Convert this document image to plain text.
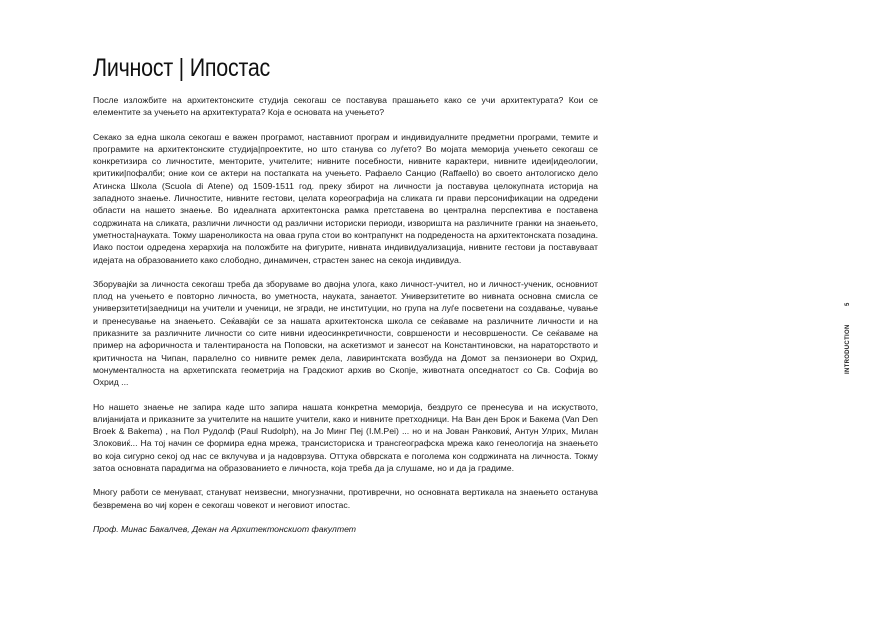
Личност | Ипостас

После изложбите на архитектонските студија секогаш се поставува прашањето како се учи архитектурата? Кои се елементите за учењето на архитектурата? Која е основата на учењето?

Секако за една школа секогаш е важен програмот, наставниот програм и индивидуалните предметни програми, темите и програмите на архитектонските студија|проектите, но што станува со луѓето? Во мојата меморија учењето секогаш се конкретизира со личностите, менторите, учителите; нивните посебности, нивните карактери, нивните идеи|идеологии, критики|пофалби; оние кои се актери на постапката на учењето. Рафаело Санцио (Raffaello) во своето антологиско дело Атинска Школа (Scuola di Atene) од 1509-1511 год. преку збирот на личности ја поставува целокупната историја на западното знаење. Личностите, нивните гестови, целата кореографија на сликата ги прави персонификации на одредени области на нашето знаење. Во идеалната архитектонска рамка претставена во централна перспектива е поставена содржината на сликата, различни личности од различни историски периоди, извориштa на различните гранки на знаењето, уметноста|науката. Токму шареноликоста на оваа група стои во контрапункт на подреденоста на архитектонската позадина. Иако постои одредена херархија на положбите на фигурите, нивната индивидуализација, нивните гестови ја поставуваат идејата на образованието како слободно, динамичен, страстен занес на секоја индивидуа.

Зборувајќи за личноста секогаш треба да зборуваме во двојна улога, како личност-учител, но и личност-ученик, основниот плод на учењето е повторно личноста, во уметноста, науката, занаетот. Универзитетите во нивната основна смисла се универзитети|заедници на учители и ученици, не згради, не институции, но група на луѓе посветени на создавање, чување и пренесување на знаењето. Сеќавајќи се за нашата архитектонска школа се сеќаваме на различните личности и на приказните за различните личности со сите нивни идеосинкретичности, совршености и несовршености. Се сеќаваме на пример на афоричноста и талентираноста на Поповски, на аскетизмот и занесот на Константиновски, на нараторството и критичноста на Чипан, паралелно со нивните ремек дела, лавиринтската возбуда на Домот за пензионери во Охрид, монументалноста на архетипската геометрија на Градскиот архив во Скопје, животната опседнатост со Св. Софија во Охрид ...

Но нашето знаење не запира каде што запира нашата конкретна меморија, бездруго се пренесува и на искуството, влијанијата и приказните за учителите на нашите учители, како и нивните претходници. На Ван ден Брок и Бакема (Van Den Broek & Bakema) , на Пол Рудолф (Paul Rudolph), на Јо Минг Пеј (I.M.Pei) ... но и на Јован Ранковиќ, Антун Улрих, Милан Злоковиќ... На тој начин се формира една мрежа, трансисториска и трансгеографска мрежа како генеологија на знаењето во која сигурно секој од нас се вклучува и ја надоврзува. Оттука обврската е поголема кон содржината на личноста. Токму затоа основната парадигма на образованието е личноста, која треба да ја слушаме, но и да ја градиме.

Многу работи се менуваат, стануват неизвесни, многузначни, противречни, но основната вертикала на знаењето останува безвремена во чиј корен е секогаш човекот и неговиот ипостас.

Проф. Минас Бакалчев, Декан на Архитектонскиот факултет

5
INTRODUCTION
